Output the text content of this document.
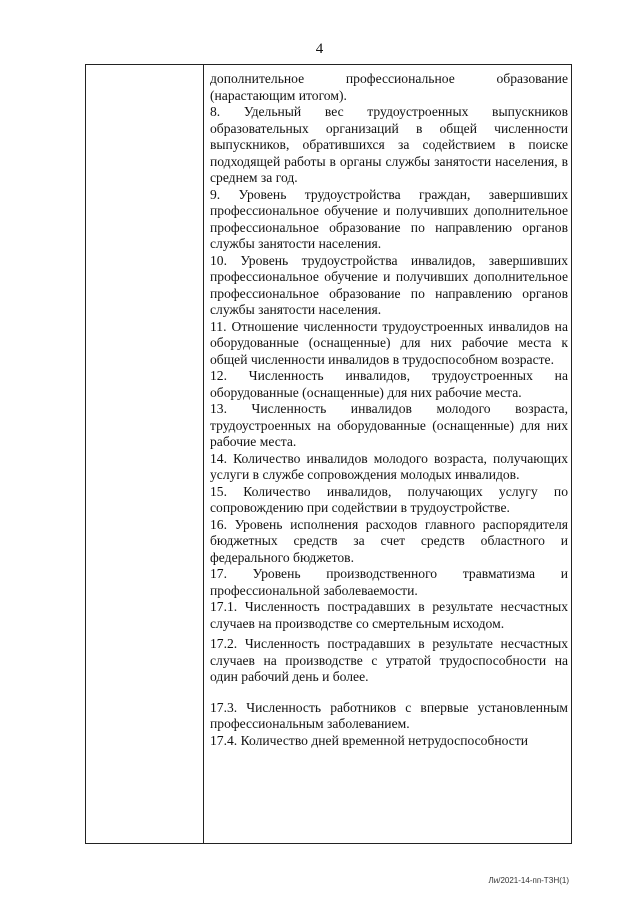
4

дополнительное профессиональное образование (нарастающим итогом).

8. Удельный вес трудоустроенных выпускников образовательных организаций в общей численности выпускников, обратившихся за содействием в поиске подходящей работы в органы службы занятости населения, в среднем за год.

9. Уровень трудоустройства граждан, завершивших профессиональное обучение и получивших дополнительное профессиональное образование по направлению органов службы занятости населения.

10. Уровень трудоустройства инвалидов, завершивших профессиональное обучение и получивших дополнительное профессиональное образование по направлению органов службы занятости населения.

11. Отношение численности трудоустроенных инвалидов на оборудованные (оснащенные) для них рабочие места к общей численности инвалидов в трудоспособном возрасте.

12. Численность инвалидов, трудоустроенных на оборудованные (оснащенные) для них рабочие места.

13. Численность инвалидов молодого возраста, трудоустроенных на оборудованные (оснащенные) для них рабочие места.

14. Количество инвалидов молодого возраста, получающих услуги в службе сопровождения молодых инвалидов.

15. Количество инвалидов, получающих услугу по сопровождению при содействии в трудоустройстве.

16. Уровень исполнения расходов главного распорядителя бюджетных средств за счет средств областного и федерального бюджетов.

17. Уровень производственного травматизма и профессиональной заболеваемости.

17.1. Численность пострадавших в результате несчастных случаев на производстве со смертельным исходом.

17.2. Численность пострадавших в результате несчастных случаев на производстве с утратой трудоспособности на один рабочий день и более.

17.3. Численность работников с впервые установленным профессиональным заболеванием.

17.4. Количество дней временной нетрудоспособности

Ли/2021-14-пп-ТЗН(1)
